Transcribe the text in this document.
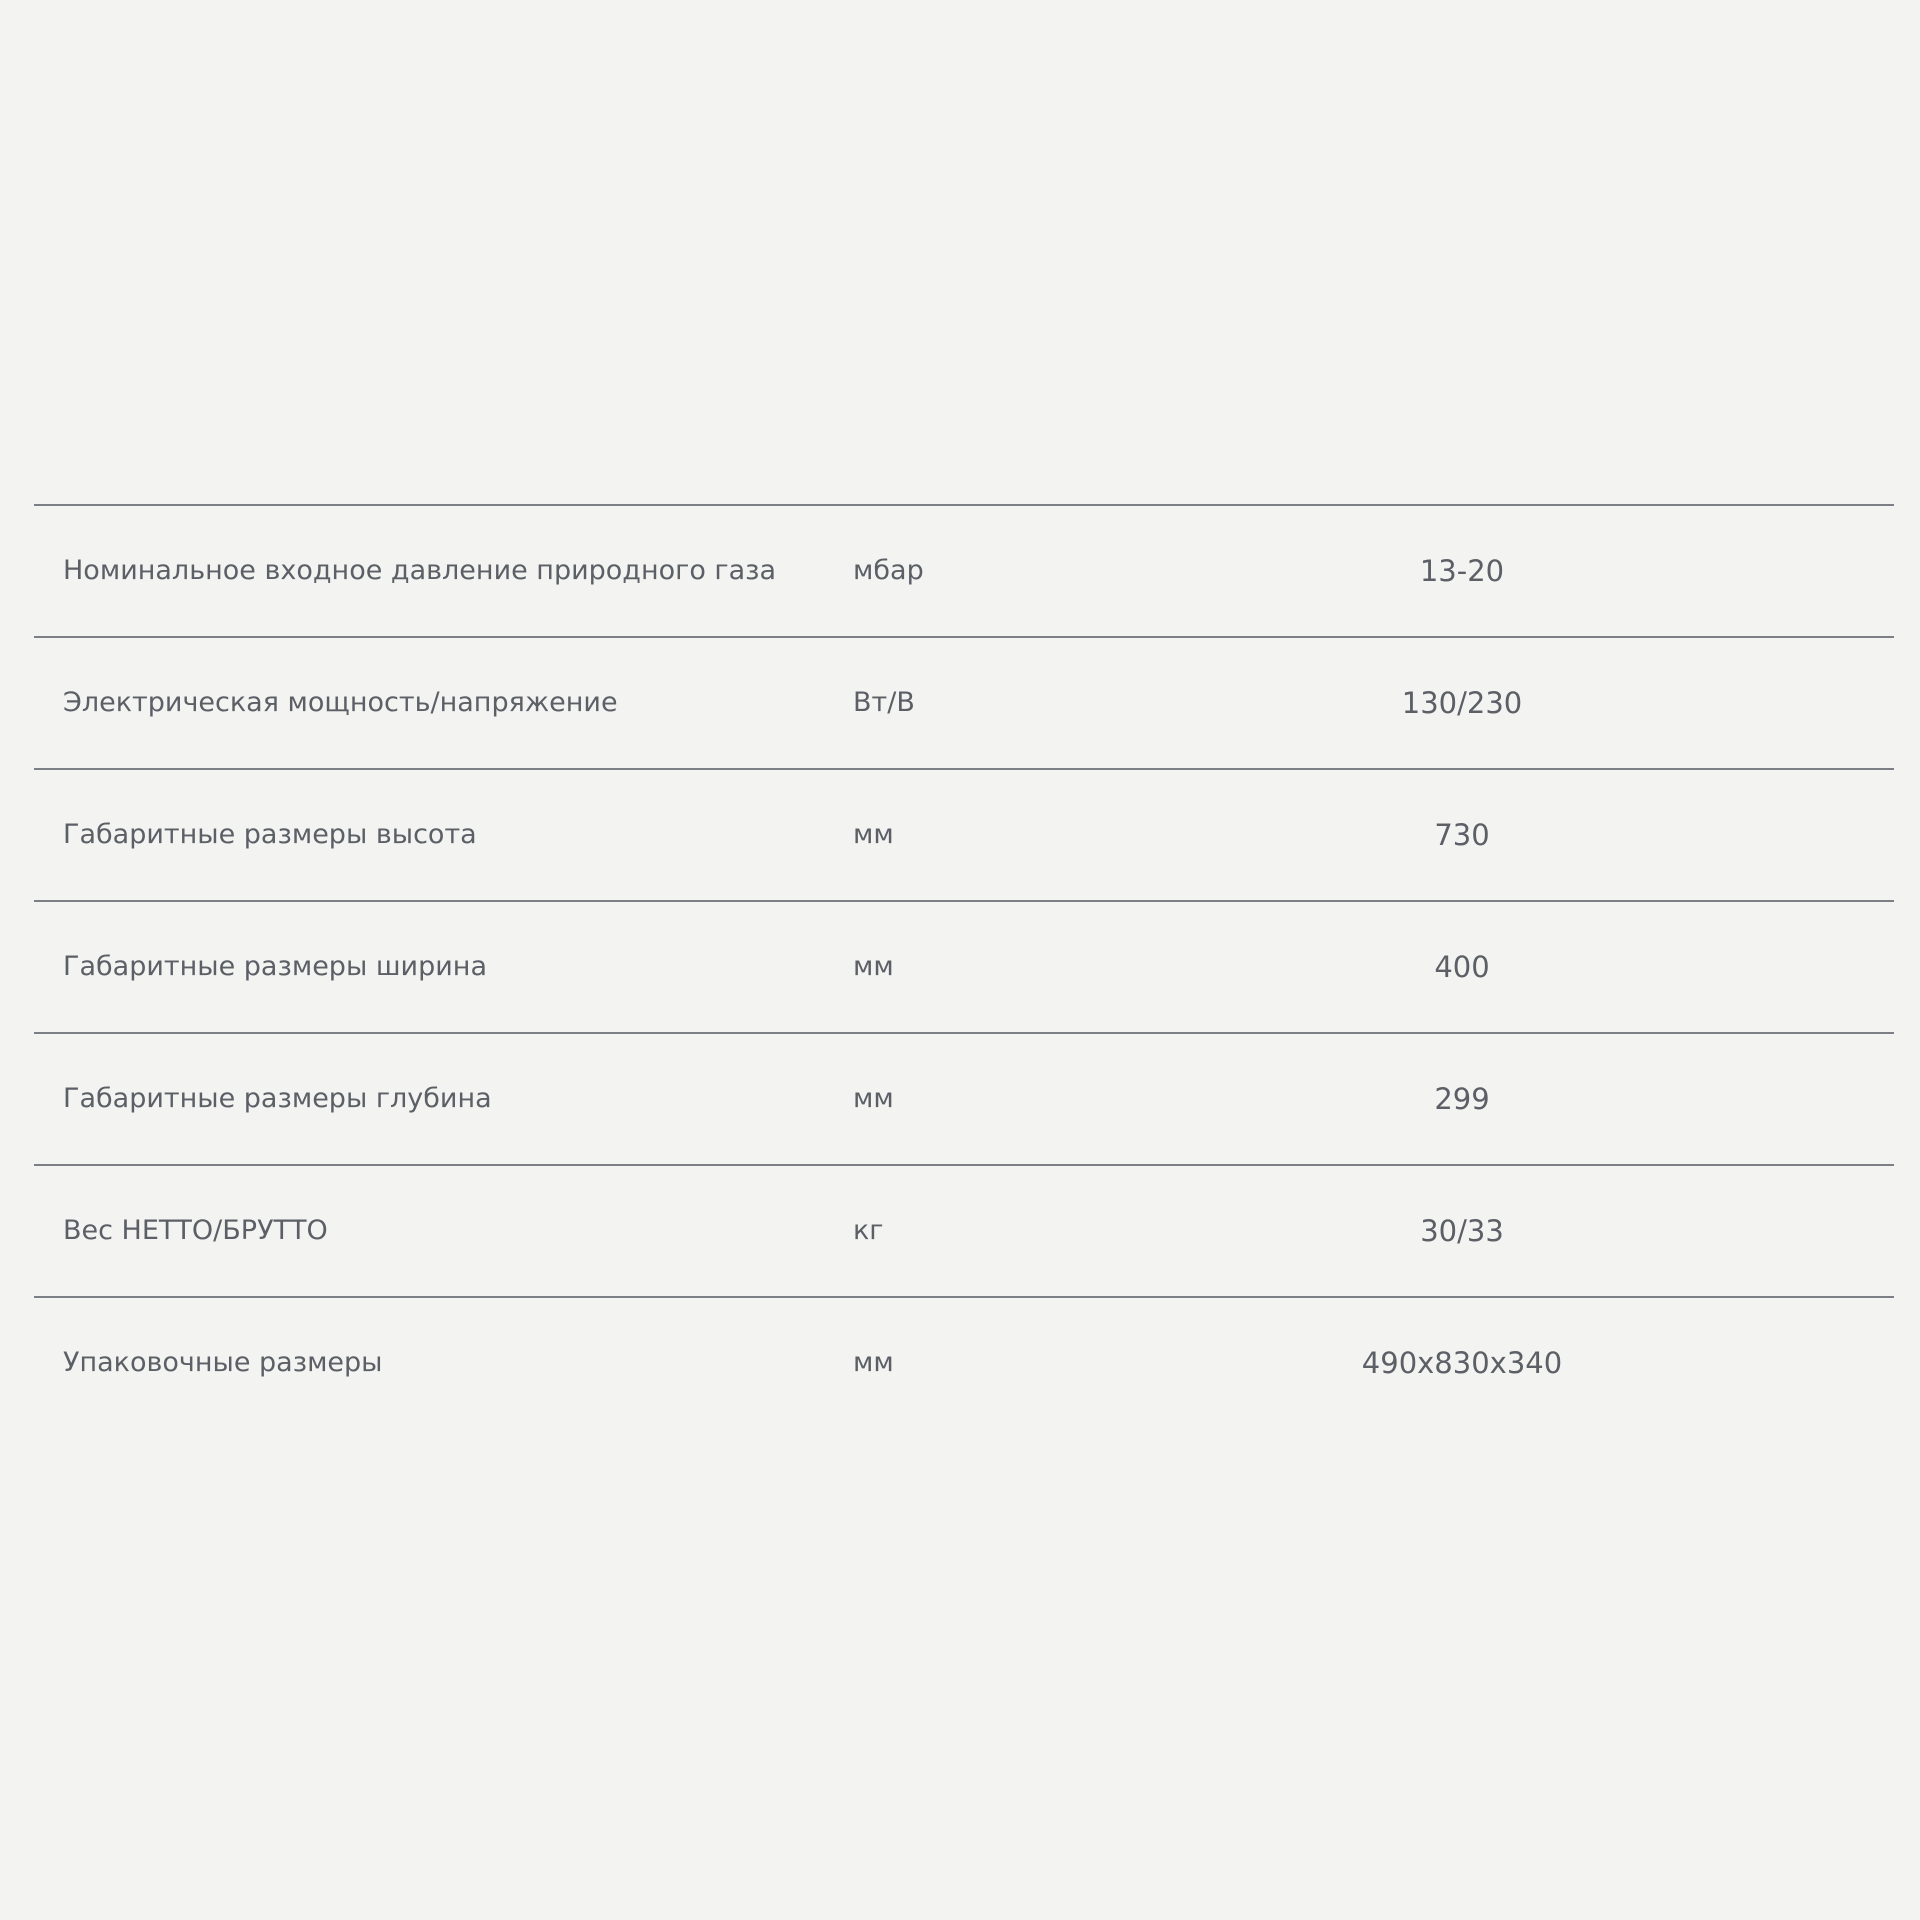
Номинальное входное давление природного газа	мбар	13-20
Электрическая мощность/напряжение	Вт/В	130/230
Габаритные размеры высота	мм	730
Габаритные размеры ширина	мм	400
Габаритные размеры глубина	мм	299
Вес НЕТТО/БРУТТО	кг	30/33
Упаковочные размеры	мм	490x830x340
